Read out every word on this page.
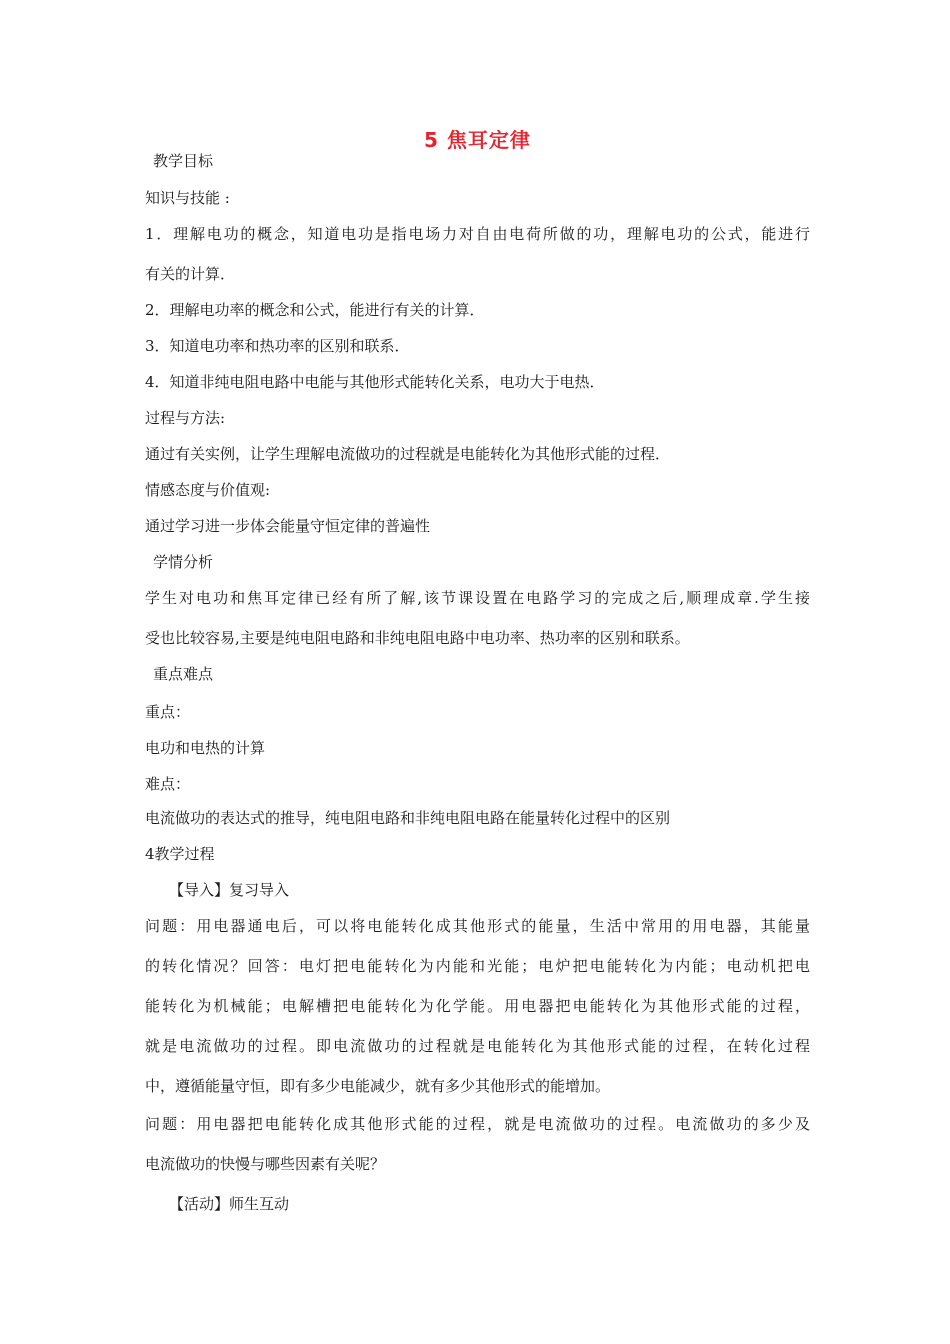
5 焦耳定律
教学目标
知识与技能 :
1．理解电功的概念，知道电功是指电场力对自由电荷所做的功，理解电功的公式，能进行
有关的计算．
2．理解电功率的概念和公式，能进行有关的计算．
3．知道电功率和热功率的区别和联系．
4．知道非纯电阻电路中电能与其他形式能转化关系，电功大于电热．
过程与方法:
通过有关实例，让学生理解电流做功的过程就是电能转化为其他形式能的过程．
情感态度与价值观:
通过学习进一步体会能量守恒定律的普遍性
学情分析
学生对电功和焦耳定律已经有所了解,该节课设置在电路学习的完成之后,顺理成章.学生接
受也比较容易,主要是纯电阻电路和非纯电阻电路中电功率、热功率的区别和联系。
重点难点
重点：
电功和电热的计算
难点：
电流做功的表达式的推导，纯电阻电路和非纯电阻电路在能量转化过程中的区别
4教学过程
【导入】复习导入
问题：用电器通电后，可以将电能转化成其他形式的能量，生活中常用的用电器，其能量
的转化情况？回答：电灯把电能转化为内能和光能；电炉把电能转化为内能；电动机把电
能转化为机械能；电解槽把电能转化为化学能。用电器把电能转化为其他形式能的过程，
就是电流做功的过程。即电流做功的过程就是电能转化为其他形式能的过程，在转化过程
中，遵循能量守恒，即有多少电能减少，就有多少其他形式的能增加。
问题：用电器把电能转化成其他形式能的过程，就是电流做功的过程。电流做功的多少及
电流做功的快慢与哪些因素有关呢？
【活动】师生互动
